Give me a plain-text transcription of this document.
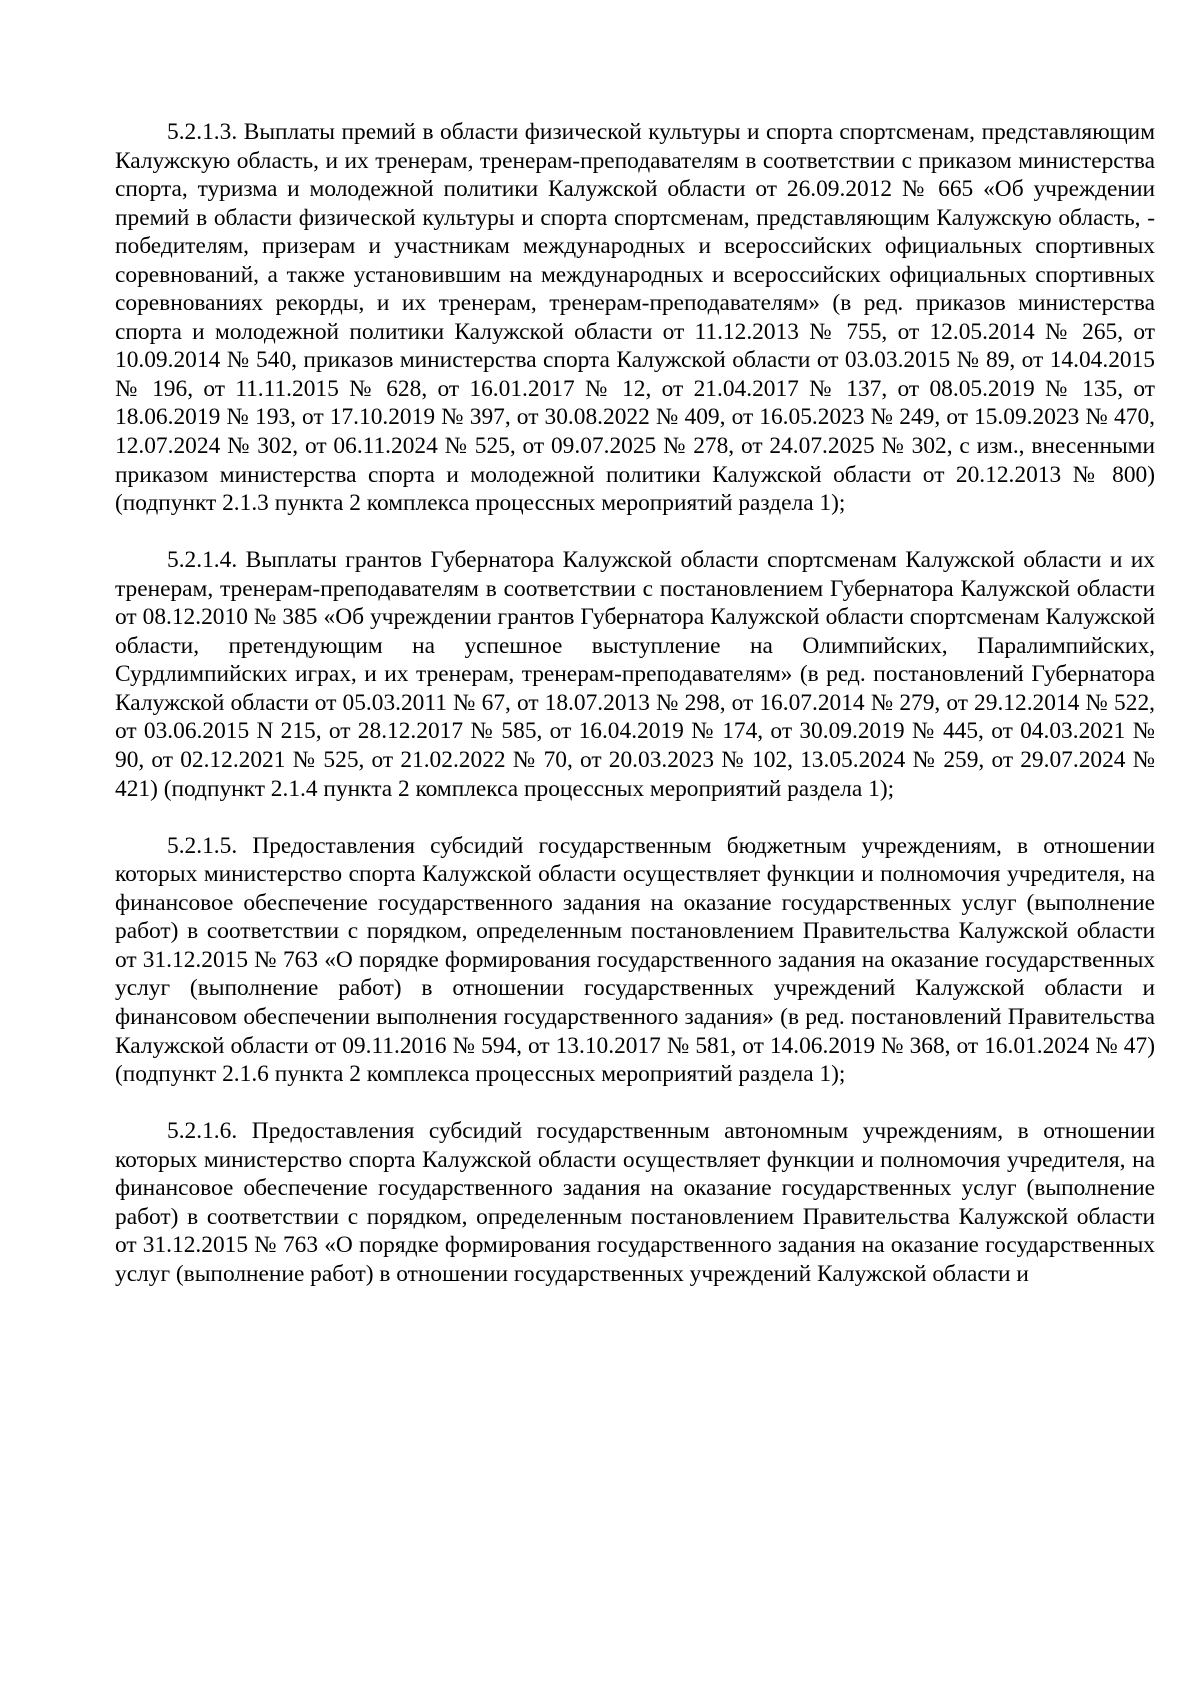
5.2.1.3. Выплаты премий в области физической культуры и спорта спортсменам, представляющим Калужскую область, и их тренерам, тренерам-преподавателям в соответствии с приказом министерства спорта, туризма и молодежной политики Калужской области от 26.09.2012 № 665 «Об учреждении премий в области физической культуры и спорта спортсменам, представляющим Калужскую область, - победителям, призерам и участникам международных и всероссийских официальных спортивных соревнований, а также установившим на международных и всероссийских официальных спортивных соревнованиях рекорды, и их тренерам, тренерам-преподавателям» (в ред. приказов министерства спорта и молодежной политики Калужской области от 11.12.2013 № 755, от 12.05.2014 № 265, от 10.09.2014 № 540, приказов министерства спорта Калужской области от 03.03.2015 № 89, от 14.04.2015 № 196, от 11.11.2015 № 628, от 16.01.2017 № 12, от 21.04.2017 № 137, от 08.05.2019 № 135, от 18.06.2019 № 193, от 17.10.2019 № 397, от 30.08.2022 № 409, от 16.05.2023 № 249, от 15.09.2023 № 470, 12.07.2024 № 302, от 06.11.2024 № 525, от 09.07.2025 № 278, от 24.07.2025 № 302, с изм., внесенными приказом министерства спорта и молодежной политики Калужской области от 20.12.2013 № 800) (подпункт 2.1.3 пункта 2 комплекса процессных мероприятий раздела 1);

5.2.1.4. Выплаты грантов Губернатора Калужской области спортсменам Калужской области и их тренерам, тренерам-преподавателям в соответствии с постановлением Губернатора Калужской области от 08.12.2010 № 385 «Об учреждении грантов Губернатора Калужской области спортсменам Калужской области, претендующим на успешное выступление на Олимпийских, Паралимпийских, Сурдлимпийских играх, и их тренерам, тренерам-преподавателям» (в ред. постановлений Губернатора Калужской области от 05.03.2011 № 67, от 18.07.2013 № 298, от 16.07.2014 № 279, от 29.12.2014 № 522, от 03.06.2015 N 215, от 28.12.2017 № 585, от 16.04.2019 № 174, от 30.09.2019 № 445, от 04.03.2021 № 90, от 02.12.2021 № 525, от 21.02.2022 № 70, от 20.03.2023 № 102, 13.05.2024 № 259, от 29.07.2024 № 421) (подпункт 2.1.4 пункта 2 комплекса процессных мероприятий раздела 1);

5.2.1.5. Предоставления субсидий государственным бюджетным учреждениям, в отношении которых министерство спорта Калужской области осуществляет функции и полномочия учредителя, на финансовое обеспечение государственного задания на оказание государственных услуг (выполнение работ) в соответствии с порядком, определенным постановлением Правительства Калужской области от 31.12.2015 № 763 «О порядке формирования государственного задания на оказание государственных услуг (выполнение работ) в отношении государственных учреждений Калужской области и финансовом обеспечении выполнения государственного задания» (в ред. постановлений Правительства Калужской области от 09.11.2016 № 594, от 13.10.2017 № 581, от 14.06.2019 № 368, от 16.01.2024 № 47) (подпункт 2.1.6 пункта 2 комплекса процессных мероприятий раздела 1);

5.2.1.6. Предоставления субсидий государственным автономным учреждениям, в отношении которых министерство спорта Калужской области осуществляет функции и полномочия учредителя, на финансовое обеспечение государственного задания на оказание государственных услуг (выполнение работ) в соответствии с порядком, определенным постановлением Правительства Калужской области от 31.12.2015 № 763 «О порядке формирования государственного задания на оказание государственных услуг (выполнение работ) в отношении государственных учреждений Калужской области и
